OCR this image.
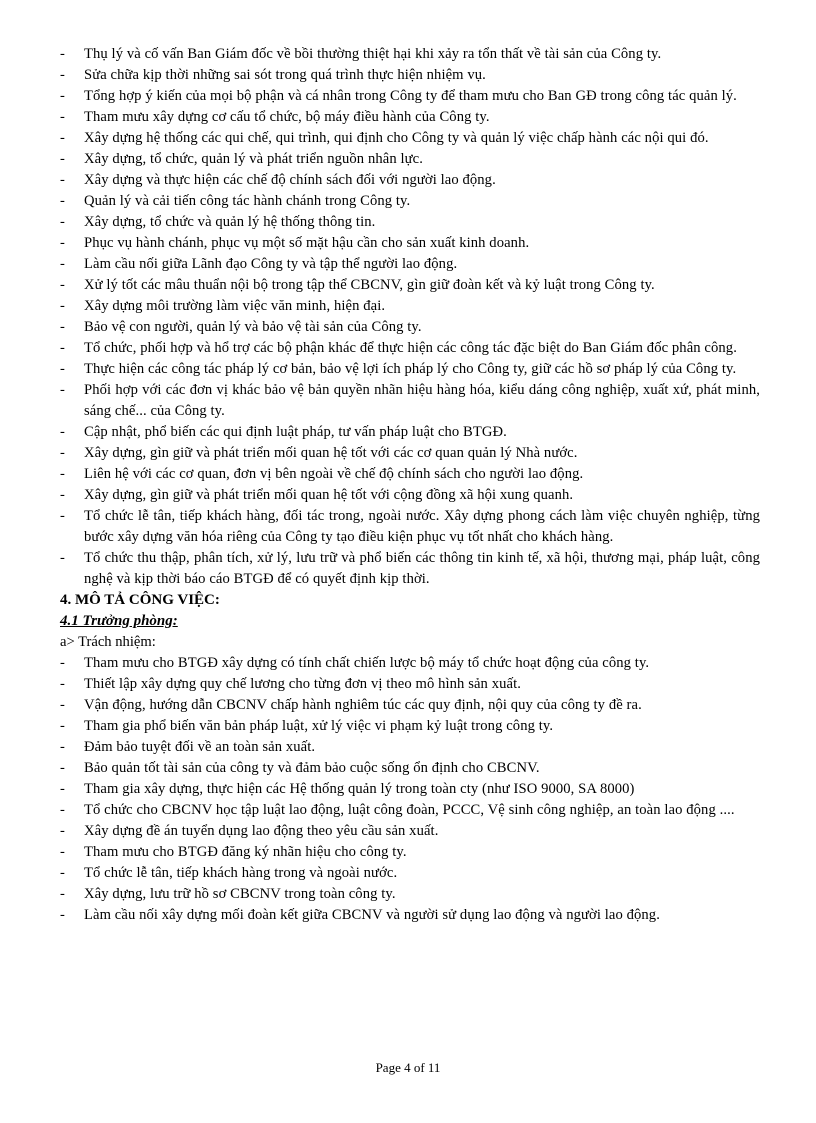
- Thụ lý và cố vấn Ban Giám đốc về bồi thường thiệt hại khi xảy ra tổn thất về tài sản của Công ty.
- Sửa chữa kịp thời những sai sót trong quá trình thực hiện nhiệm vụ.
- Tổng hợp ý kiến của mọi bộ phận và cá nhân trong Công ty để tham mưu cho Ban GĐ trong công tác quản lý.
- Tham mưu xây dựng cơ cấu tổ chức, bộ máy điều hành của Công ty.
- Xây dựng hệ thống các qui chế, qui trình, qui định cho Công ty và quản lý việc chấp hành các nội qui đó.
- Xây dựng, tổ chức, quản lý và phát triển nguồn nhân lực.
- Xây dựng và thực hiện các chế độ chính sách đối với người lao động.
- Quản lý và cải tiến công tác hành chánh trong Công ty.
- Xây dựng, tổ chức và quản lý hệ thống thông tin.
- Phục vụ hành chánh, phục vụ một số mặt hậu cần cho sản xuất kinh doanh.
- Làm cầu nối giữa Lãnh đạo Công ty và tập thể người lao động.
- Xử lý tốt các mâu thuẩn nội bộ trong tập thể CBCNV, gìn giữ đoàn kết và kỷ luật trong Công ty.
- Xây dựng môi trường làm việc văn minh, hiện đại.
- Bảo vệ con người, quản lý và bảo vệ tài sản của Công ty.
- Tổ chức, phối hợp và hổ trợ các bộ phận khác để thực hiện các công tác đặc biệt do Ban Giám đốc phân công.
- Thực hiện các công tác pháp lý cơ bản, bảo vệ lợi ích pháp lý cho Công ty, giữ các hồ sơ pháp lý của Công ty.
- Phối hợp với các đơn vị khác bảo vệ bản quyền nhãn hiệu hàng hóa, kiểu dáng công nghiệp, xuất xứ, phát minh, sáng chế... của Công ty.
- Cập nhật, phổ biến các qui định luật pháp, tư vấn pháp luật cho BTGĐ.
- Xây dựng, gìn giữ và phát triển mối quan hệ tốt với các cơ quan quản lý Nhà nước.
- Liên hệ với các cơ quan, đơn vị bên ngoài về chế độ chính sách cho người lao động.
- Xây dựng, gìn giữ và phát triển mối quan hệ tốt với cộng đồng xã hội xung quanh.
- Tổ chức lễ tân, tiếp khách hàng, đối tác trong, ngoài nước. Xây dựng phong cách làm việc chuyên nghiệp, từng bước xây dựng văn hóa riêng của Công ty tạo điều kiện phục vụ tốt nhất cho khách hàng.
- Tổ chức thu thập, phân tích, xử lý, lưu trữ và phổ biến các thông tin kinh tế, xã hội, thương mại, pháp luật, công nghệ và kịp thời báo cáo BTGĐ để có quyết định kịp thời.
4. MÔ TẢ CÔNG VIỆC:
4.1 Trưởng phòng:
a> Trách nhiệm:
- Tham mưu cho BTGĐ xây dựng có tính chất chiến lược bộ máy tổ chức hoạt động của công ty.
- Thiết lập xây dựng quy chế lương cho từng đơn vị theo mô hình sản xuất.
- Vận động, hướng dẫn CBCNV chấp hành nghiêm túc các quy định, nội quy của công ty đề ra.
- Tham gia phổ biến văn bản pháp luật, xử lý việc vi phạm kỷ luật trong công ty.
- Đảm bảo tuyệt đối về an toàn sản xuất.
- Bảo quản tốt tài sản của công ty và đảm bảo cuộc sống ổn định cho CBCNV.
- Tham gia xây dựng, thực hiện các Hệ thống quản lý trong toàn cty (như ISO 9000, SA 8000)
- Tổ chức cho CBCNV học tập luật lao động, luật công đoàn, PCCC, Vệ sinh công nghiệp, an toàn lao động ....
- Xây dựng đề án tuyển dụng lao động theo yêu cầu sản xuất.
- Tham mưu cho BTGĐ đăng ký nhãn hiệu cho công ty.
- Tổ chức lễ tân, tiếp khách hàng trong và ngoài nước.
- Xây dựng, lưu trữ hồ sơ CBCNV trong toàn công ty.
- Làm cầu nối xây dựng mối đoàn kết giữa CBCNV và người sử dụng lao động và người lao động.
Page 4 of 11
